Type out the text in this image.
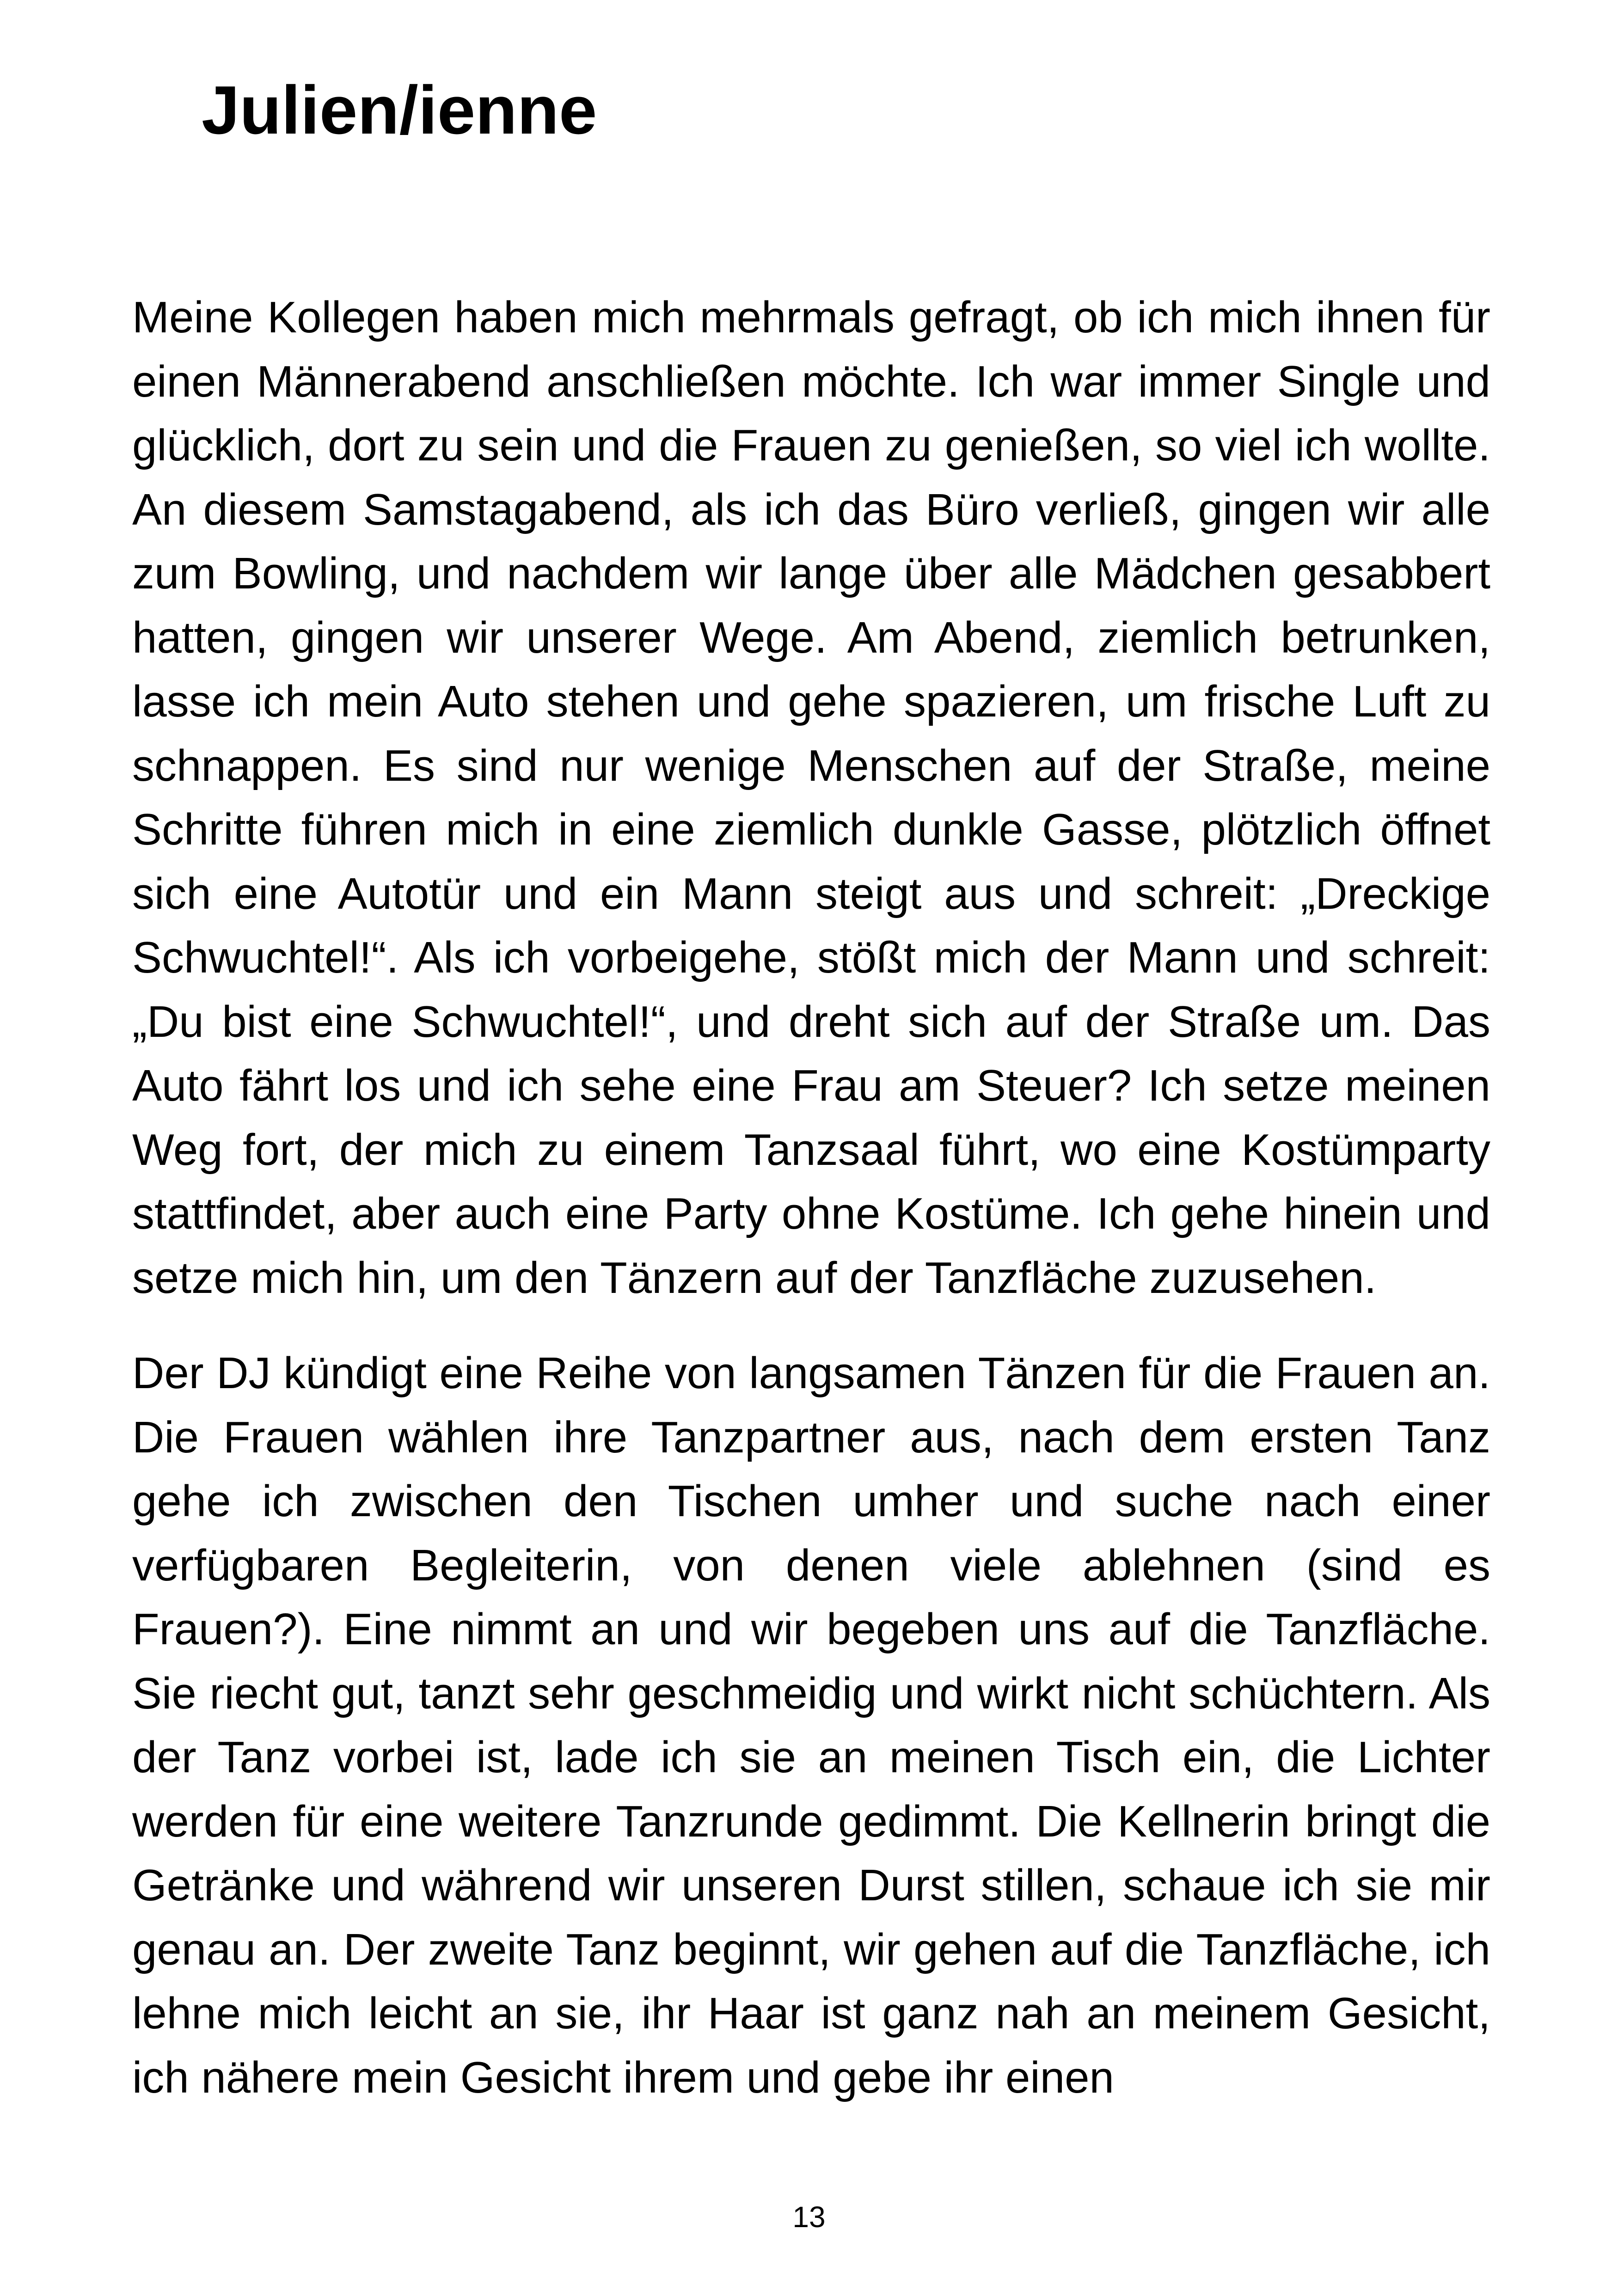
Julien/ienne

Meine Kollegen haben mich mehrmals gefragt, ob ich mich ihnen für einen Männerabend anschließen möchte. Ich war immer Single und glücklich, dort zu sein und die Frauen zu genießen, so viel ich wollte. An diesem Samstagabend, als ich das Büro verließ, gingen wir alle zum Bowling, und nachdem wir lange über alle Mädchen gesabbert hatten, gingen wir unserer Wege. Am Abend, ziemlich betrunken, lasse ich mein Auto stehen und gehe spazieren, um frische Luft zu schnappen. Es sind nur wenige Menschen auf der Straße, meine Schritte führen mich in eine ziemlich dunkle Gasse, plötzlich öffnet sich eine Autotür und ein Mann steigt aus und schreit: „Dreckige Schwuchtel!“. Als ich vorbeigehe, stößt mich der Mann und schreit: „Du bist eine Schwuchtel!“, und dreht sich auf der Straße um. Das Auto fährt los und ich sehe eine Frau am Steuer? Ich setze meinen Weg fort, der mich zu einem Tanzsaal führt, wo eine Kostümparty stattfindet, aber auch eine Party ohne Kostüme. Ich gehe hinein und setze mich hin, um den Tänzern auf der Tanzfläche zuzusehen.

Der DJ kündigt eine Reihe von langsamen Tänzen für die Frauen an. Die Frauen wählen ihre Tanzpartner aus, nach dem ersten Tanz gehe ich zwischen den Tischen umher und suche nach einer verfügbaren Begleiterin, von denen viele ablehnen (sind es Frauen?). Eine nimmt an und wir begeben uns auf die Tanzfläche. Sie riecht gut, tanzt sehr geschmeidig und wirkt nicht schüchtern. Als der Tanz vorbei ist, lade ich sie an meinen Tisch ein, die Lichter werden für eine weitere Tanzrunde gedimmt. Die Kellnerin bringt die Getränke und während wir unseren Durst stillen, schaue ich sie mir genau an. Der zweite Tanz beginnt, wir gehen auf die Tanzfläche, ich lehne mich leicht an sie, ihr Haar ist ganz nah an meinem Gesicht, ich nähere mein Gesicht ihrem und gebe ihr einen

13
